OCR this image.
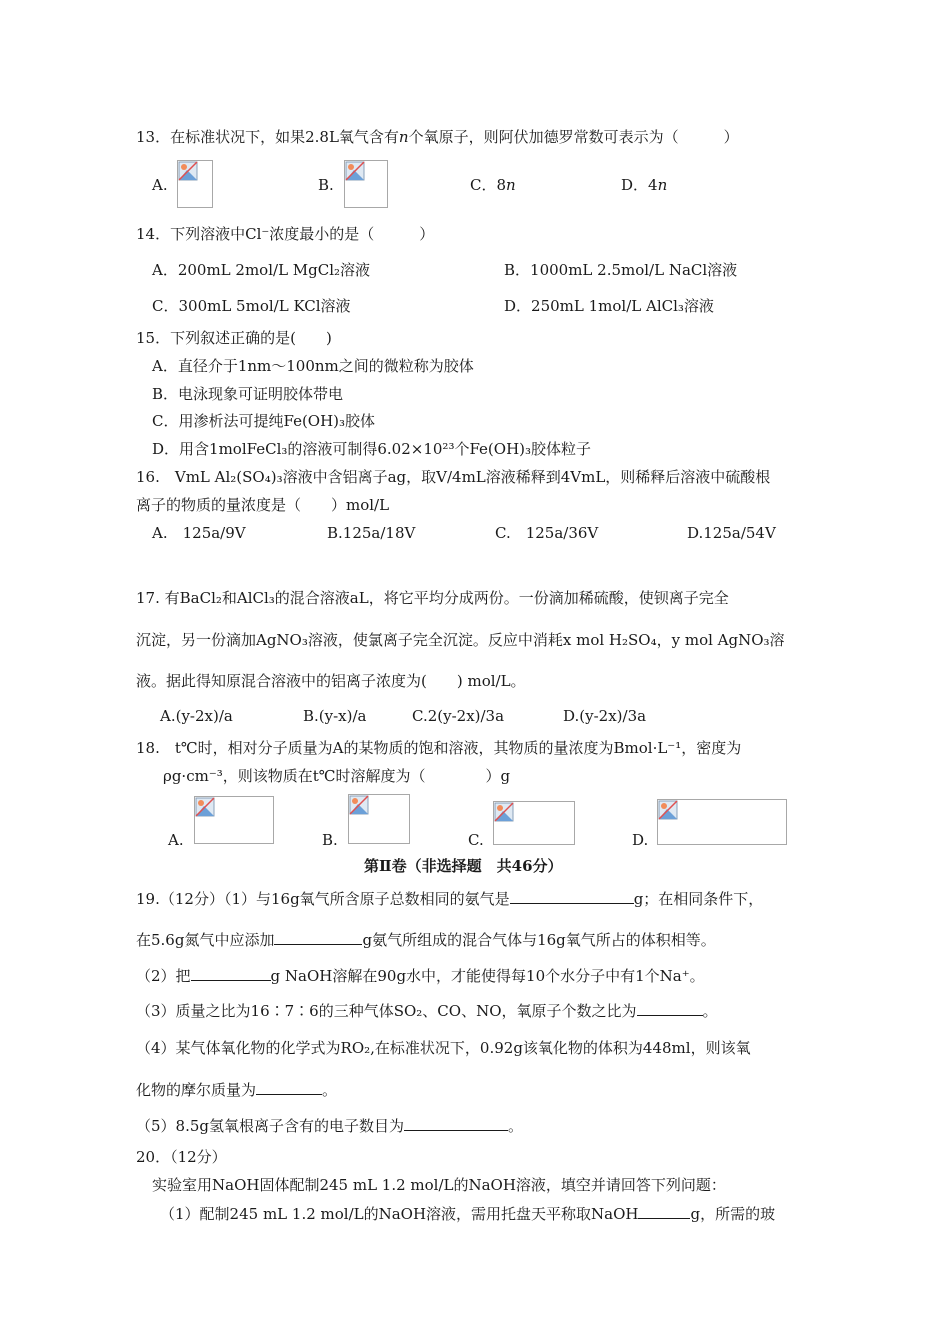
13．在标准状况下，如果2.8L氧气含有n个氧原子，则阿伏加德罗常数可表示为（　　　）
A.	B.	C．8n	D．4n
14．下列溶液中Cl⁻浓度最小的是（　　　）
A．200mL 2mol/L MgCl₂溶液	B．1000mL 2.5mol/L NaCl溶液
C．300mL 5mol/L KCl溶液	D．250mL 1mol/L AlCl₃溶液
15．下列叙述正确的是(　　)
A．直径介于1nm～100nm之间的微粒称为胶体
B．电泳现象可证明胶体带电
C．用渗析法可提纯Fe(OH)₃胶体
D．用含1molFeCl₃的溶液可制得6.02×10²³个Fe(OH)₃胶体粒子
16.　VmL Al₂(SO₄)₃溶液中含铝离子ag，取V/4mL溶液稀释到4VmL，则稀释后溶液中硫酸根
离子的物质的量浓度是（　　）mol/L
A.　125a/9V	B.125a/18V	C.　125a/36V	D.125a/54V
17. 有BaCl₂和AlCl₃的混合溶液aL，将它平均分成两份。一份滴加稀硫酸，使钡离子完全
沉淀，另一份滴加AgNO₃溶液，使氯离子完全沉淀。反应中消耗x mol H₂SO₄，y mol AgNO₃溶
液。据此得知原混合溶液中的铝离子浓度为(　　) mol/L。
A.(y-2x)/a	B.(y-x)/a	C.2(y-2x)/3a	D.(y-2x)/3a
18.　t℃时，相对分子质量为A的某物质的饱和溶液，其物质的量浓度为Bmol·L⁻¹，密度为
ρg·cm⁻³，则该物质在t℃时溶解度为（　　　　）g
A.	B.	C.	D.
第Ⅱ卷（非选择题　共46分）
19.（12分）（1）与16g氧气所含原子总数相同的氨气是	g；在相同条件下，
在5.6g氮气中应添加	g氨气所组成的混合气体与16g氧气所占的体积相等。
（2）把	g NaOH溶解在90g水中，才能使得每10个水分子中有1个Na⁺。
（3）质量之比为16∶7∶6的三种气体SO₂、CO、NO，氧原子个数之比为	。
（4）某气体氧化物的化学式为RO₂,在标准状况下，0.92g该氧化物的体积为448ml，则该氧
化物的摩尔质量为	。
（5）8.5g氢氧根离子含有的电子数目为	。
20．（12分）
实验室用NaOH固体配制245 mL 1.2 mol/L的NaOH溶液，填空并请回答下列问题：
（1）配制245 mL 1.2 mol/L的NaOH溶液，需用托盘天平称取NaOH	g，所需的玻
